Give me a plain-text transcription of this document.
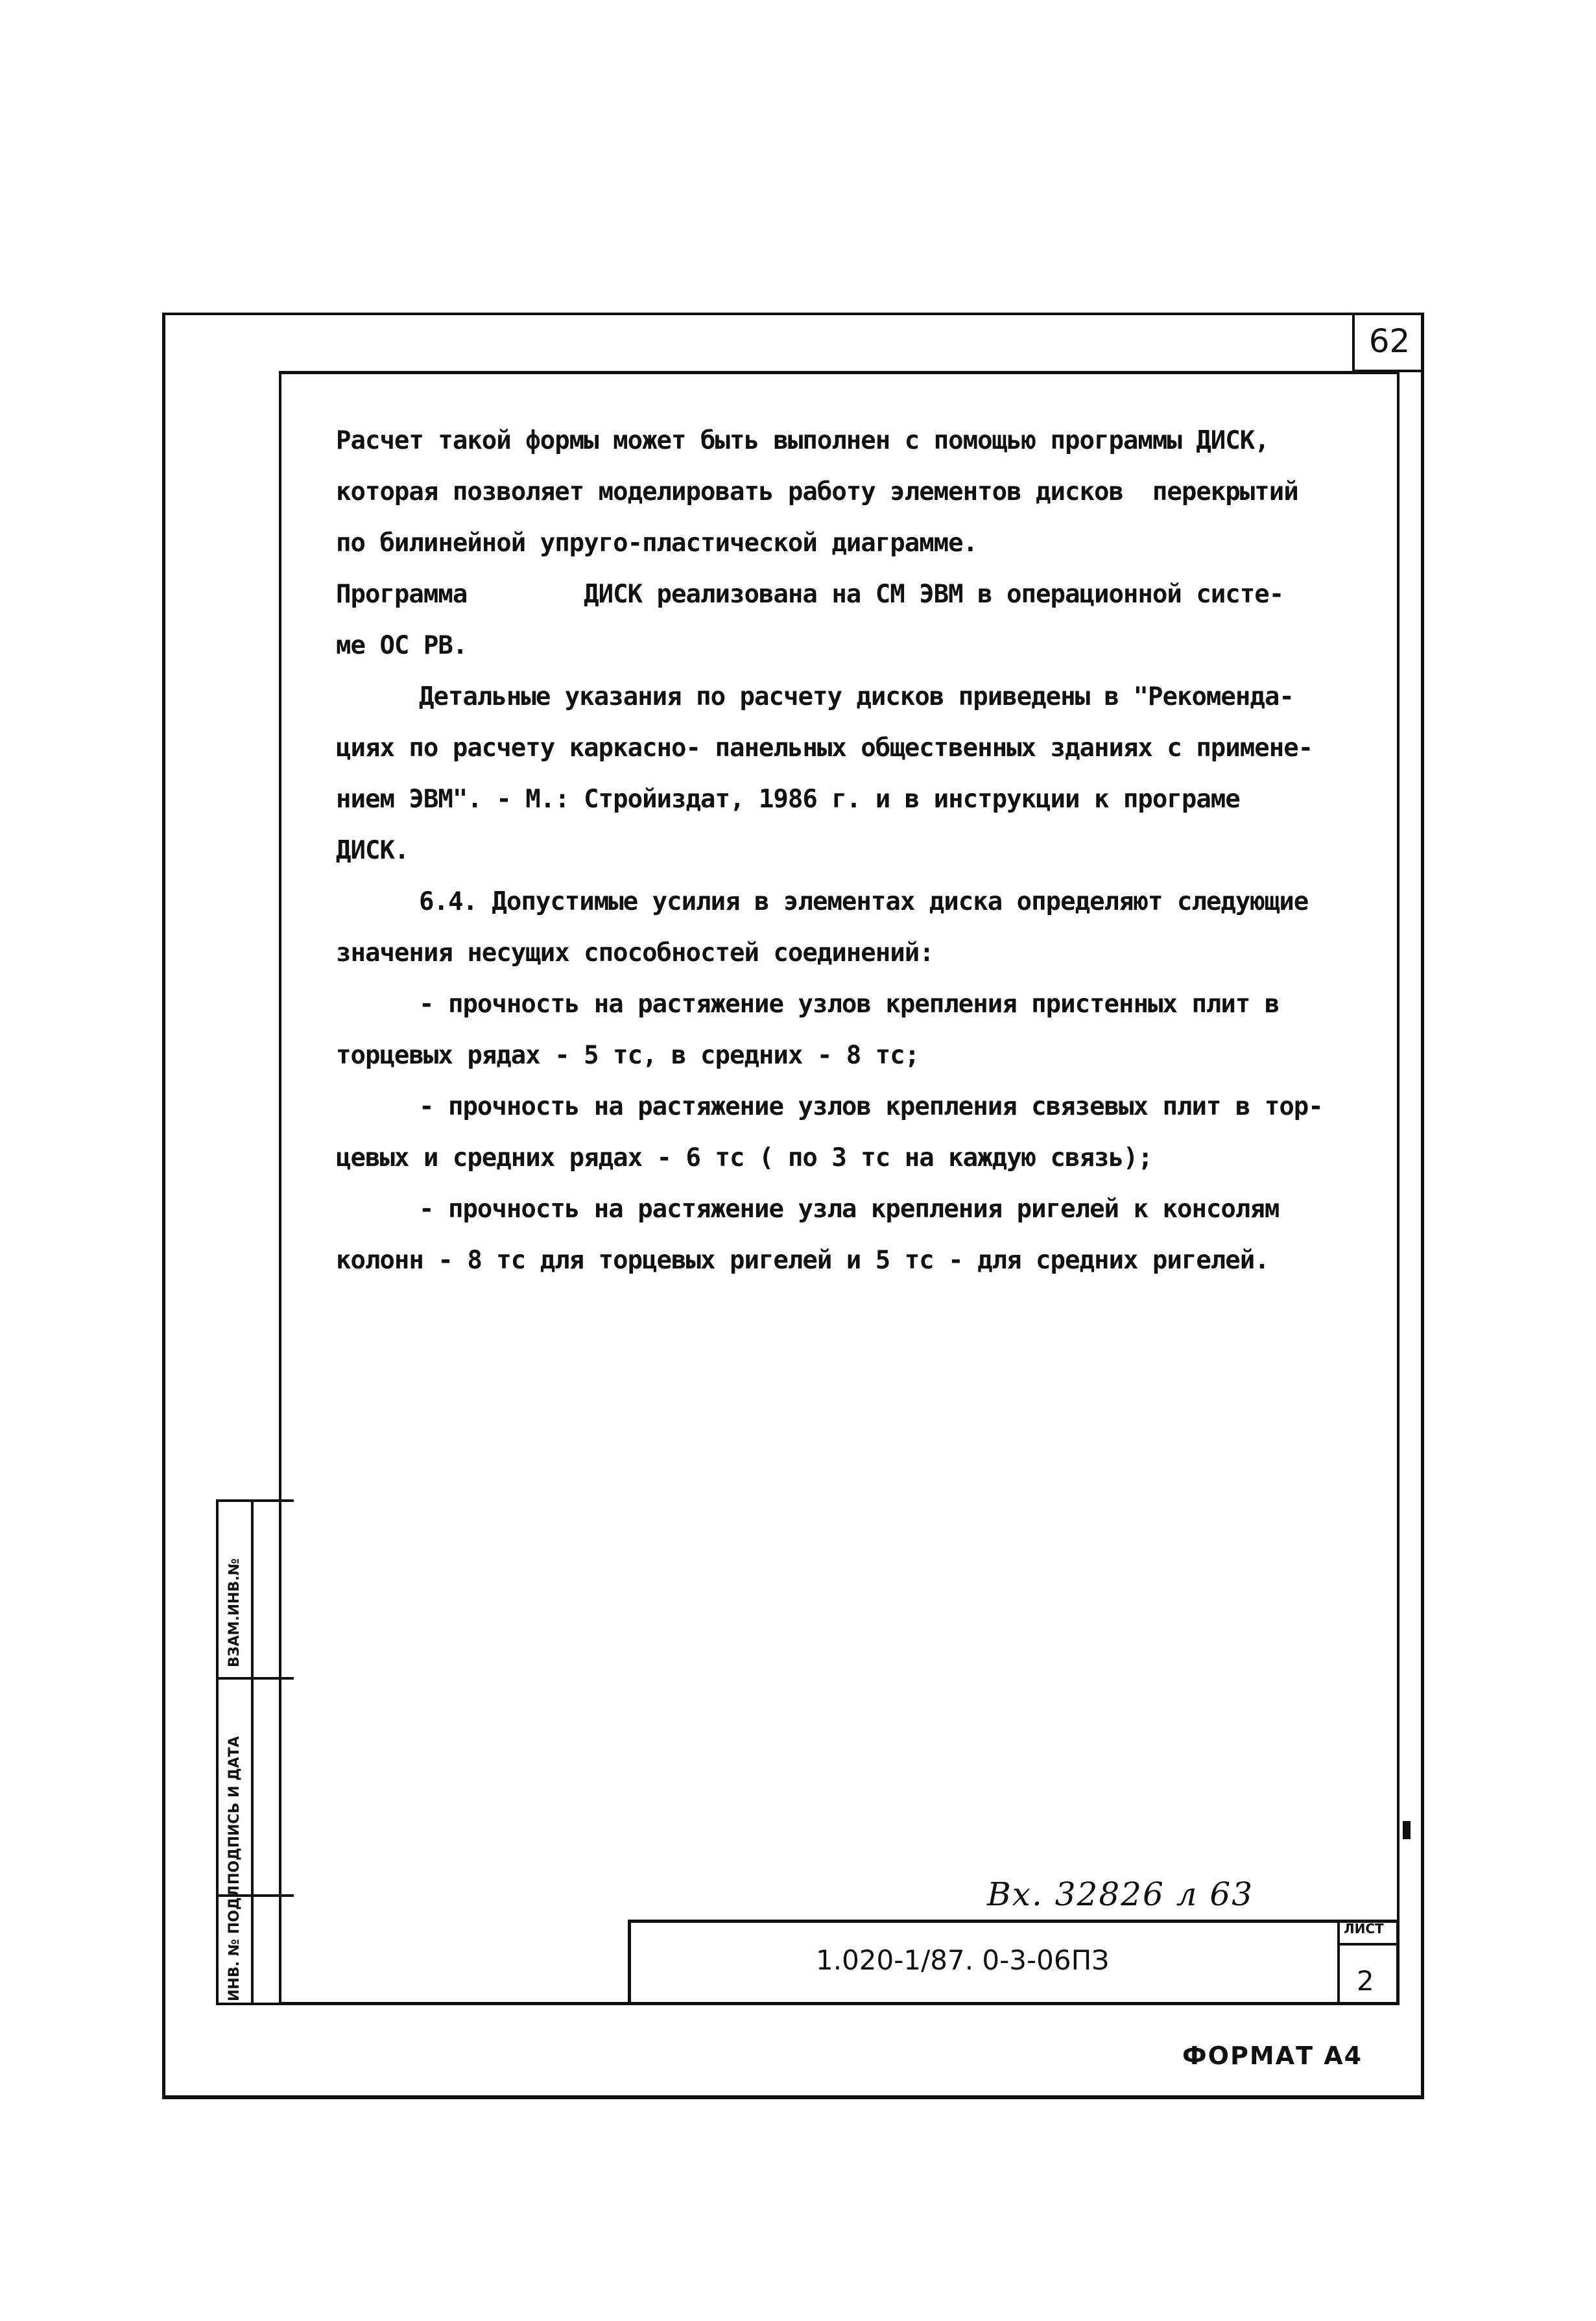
62
Расчет такой формы может быть выполнен с помощью программы ДИСК,
которая позволяет моделировать работу элементов дисков  перекрытий
по билинейной упруго-пластической диаграмме.
Программа        ДИСК реализована на СМ ЭВМ в операционной систе-
ме ОС РВ.
Детальные указания по расчету дисков приведены в "Рекоменда-
циях по расчету каркасно- панельных общественных зданиях с примене-
нием ЭВМ". - М.: Стройиздат, 1986 г. и в инструкции к програме
ДИСК.
6.4. Допустимые усилия в элементах диска определяют следующие
значения несущих способностей соединений:
- прочность на растяжение узлов крепления пристенных плит в
торцевых рядах - 5 тс, в средних - 8 тс;
- прочность на растяжение узлов крепления связевых плит в тор-
цевых и средних рядах - 6 тс ( по 3 тс на каждую связь);
- прочность на растяжение узла крепления ригелей к консолям
колонн - 8 тс для торцевых ригелей и 5 тс - для средних ригелей.
ИНВ. № ПОДЛ
ПОДПИСЬ И ДАТА
ВЗАМ.ИНВ.№
Вх. 32826 л 63
1.020-1/87. 0-3-06ПЗ
ЛИСТ
2
ФОРМАТ А4
